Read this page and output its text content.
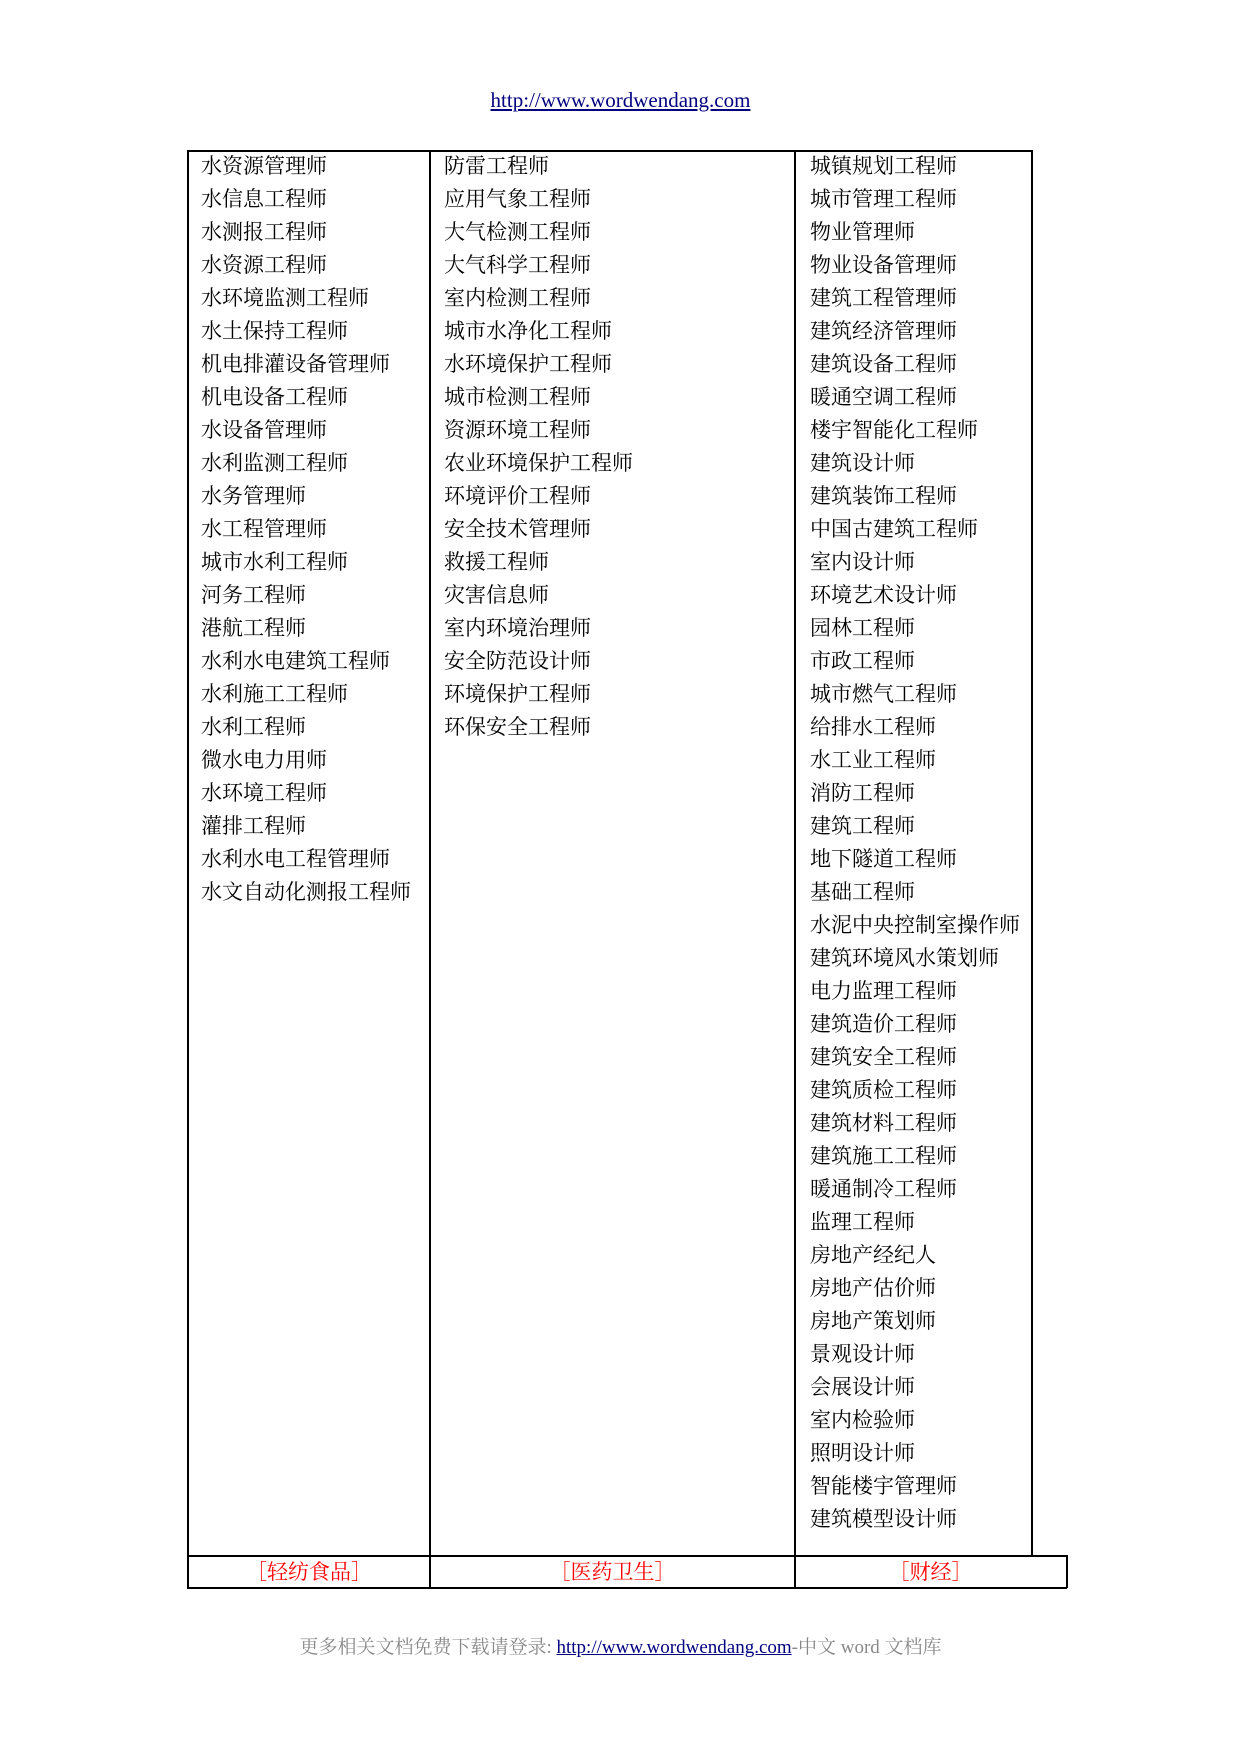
http://www.wordwendang.com
水资源管理师
水信息工程师
水测报工程师
水资源工程师
水环境监测工程师
水土保持工程师
机电排灌设备管理师
机电设备工程师
水设备管理师
水利监测工程师
水务管理师
水工程管理师
城市水利工程师
河务工程师
港航工程师
水利水电建筑工程师
水利施工工程师
水利工程师
微水电力用师
水环境工程师
灌排工程师
水利水电工程管理师
水文自动化测报工程师
防雷工程师
应用气象工程师
大气检测工程师
大气科学工程师
室内检测工程师
城市水净化工程师
水环境保护工程师
城市检测工程师
资源环境工程师
农业环境保护工程师
环境评价工程师
安全技术管理师
救援工程师
灾害信息师
室内环境治理师
安全防范设计师
环境保护工程师
环保安全工程师
城镇规划工程师
城市管理工程师
物业管理师
物业设备管理师
建筑工程管理师
建筑经济管理师
建筑设备工程师
暖通空调工程师
楼宇智能化工程师
建筑设计师
建筑装饰工程师
中国古建筑工程师
室内设计师
环境艺术设计师
园林工程师
市政工程师
城市燃气工程师
给排水工程师
水工业工程师
消防工程师
建筑工程师
地下隧道工程师
基础工程师
水泥中央控制室操作师
建筑环境风水策划师
电力监理工程师
建筑造价工程师
建筑安全工程师
建筑质检工程师
建筑材料工程师
建筑施工工程师
暖通制冷工程师
监理工程师
房地产经纪人
房地产估价师
房地产策划师
景观设计师
会展设计师
室内检验师
照明设计师
智能楼宇管理师
建筑模型设计师
［轻纺食品］	［医药卫生］	［财经］
更多相关文档免费下载请登录: http://www.wordwendang.com-中文 word 文档库
